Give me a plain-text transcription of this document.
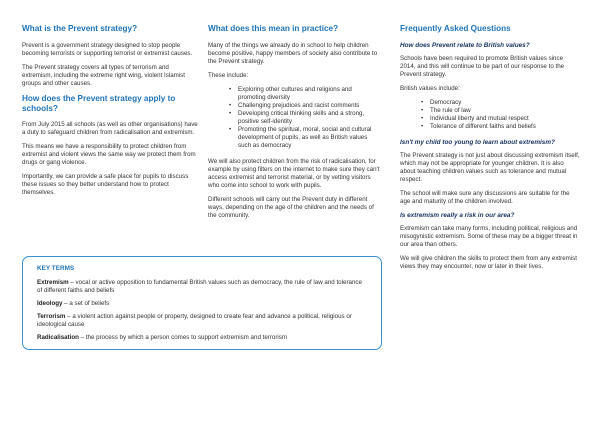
What is the Prevent strategy?

Prevent is a government strategy designed to stop people becoming terrorists or supporting terrorist or extremist causes.

The Prevent strategy covers all types of terrorism and extremism, including the extreme right wing, violent Islamist groups and other causes.

How does the Prevent strategy apply to schools?

From July 2015 all schools (as well as other organisations) have a duty to safeguard children from radicalisation and extremism.

This means we have a responsibility to protect children from extremist and violent views the same way we protect them from drugs or gang violence.

Importantly, we can provide a safe place for pupils to discuss these issues so they better understand how to protect themselves.

What does this mean in practice?

Many of the things we already do in school to help children become positive, happy members of society also contribute to the Prevent strategy.

These include:

• Exploring other cultures and religions and promoting diversity
• Challenging prejudices and racist comments
• Developing critical thinking skills and a strong, positive self-identity
• Promoting the spiritual, moral, social and cultural development of pupils, as well as British values such as democracy

We will also protect children from the risk of radicalisation, for example by using filters on the internet to make sure they can't access extremist and terrorist material, or by vetting visitors who come into school to work with pupils.

Different schools will carry out the Prevent duty in different ways, depending on the age of the children and the needs of the community.

Frequently Asked Questions
How does Prevent relate to British values?

Schools have been required to promote British values since 2014, and this will continue to be part of our response to the Prevent strategy.

British values include:

• Democracy
• The rule of law
• Individual liberty and mutual respect
• Tolerance of different faiths and beliefs
Isn't my child too young to learn about extremism?

The Prevent strategy is not just about discussing extremism itself, which may not be appropriate for younger children. It is also about teaching children values such as tolerance and mutual respect.

The school will make sure any discussions are suitable for the age and maturity of the children involved.

Is extremism really a risk in our area?

Extremism can take many forms, including political, religious and misogynistic extremism. Some of these may be a bigger threat in our area than others.

We will give children the skills to protect them from any extremist views they may encounter, now or later in their lives.

KEY TERMS

Extremism – vocal or active opposition to fundamental British values such as democracy, the rule of law and tolerance of different faiths and beliefs

Ideology – a set of beliefs

Terrorism – a violent action against people or property, designed to create fear and advance a political, religious or ideological cause

Radicalisation – the process by which a person comes to support extremism and terrorism
